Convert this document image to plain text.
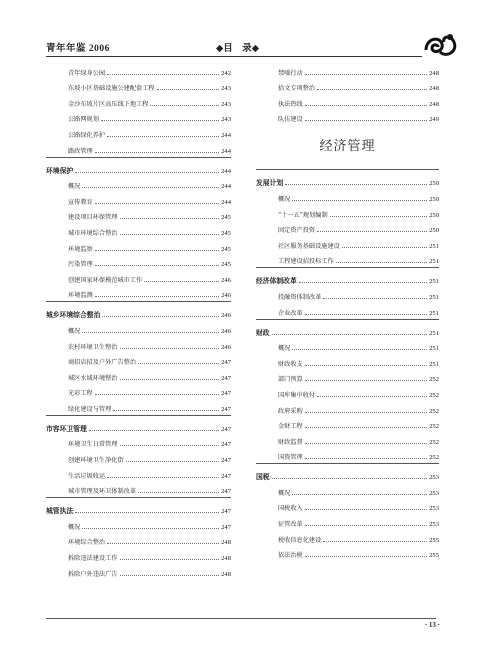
青年年鉴 2006	◆目　录◆
青年绿身公园	242
东坡小区基础设施公建配套工程	243
金沙东坡片区高压线下地工程	243
公路网规划	243
公路绿化养护	244
路政管理	244
环境保护	244
概况	244
宣传教育	244
建设项目环保管理	245
城市环境综合整治	245
环境监察	245
污染管理	245
创建国家环保模范城市工作	246
环境监测	246
城乡环境综合整治	246
概况	246
农村环境卫生整治	246
商招店招及户外广告整治	247
城区水域环境整治	247
光彩工程	247
绿化建设与管理	247
市容环卫管理	247
环境卫生日常管理	247
创建环境卫生净化街	247
生活垃圾收运	247
城市管理及环卫体制改革	247
城管执法	247
概况	247
环境综合整治	248
拆除违法建设工作	248
拆除户外违法广告	248
禁噪行动	248
拾文专项整治	248
执法热线	248
队伍建设	249
经济管理
发展计划	250
概况	250
“十一五”规划编制	250
固定资产投资	250
社区服务基础设施建设	251
工程建设招投标工作	251
经济体制改革	251
投融资体制改革	251
企业改革	251
财政	251
概况	251
财政收支	251
部门预算	252
国库集中收付	252
政府采购	252
金财工程	252
财政监督	252
国资管理	252
国税	253
概况	253
国税收入	253
征管改革	253
税收信息化建设	255
依法治税	255
· 13 ·
